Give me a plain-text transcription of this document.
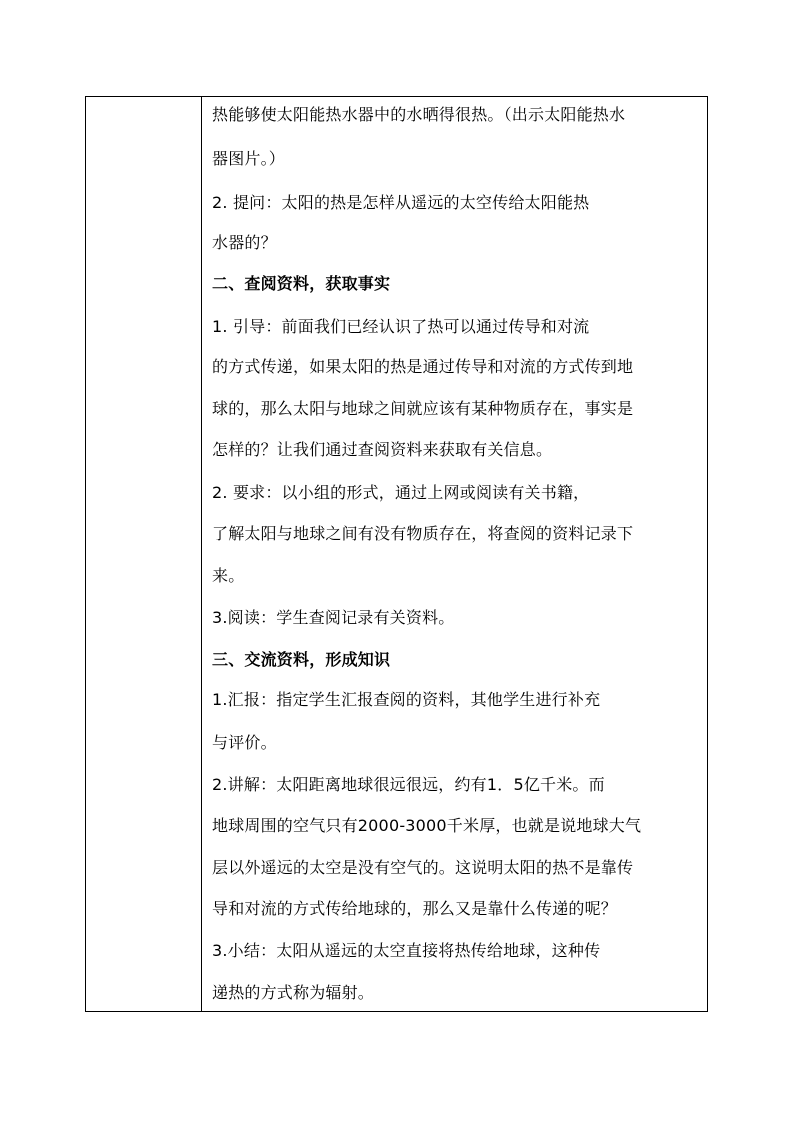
热能够使太阳能热水器中的水晒得很热。（出示太阳能热水
器图片。）
2. 提问：太阳的热是怎样从遥远的太空传给太阳能热
水器的？
二、查阅资料，获取事实
1. 引导：前面我们已经认识了热可以通过传导和对流
的方式传递，如果太阳的热是通过传导和对流的方式传到地
球的，那么太阳与地球之间就应该有某种物质存在，事实是
怎样的？让我们通过查阅资料来获取有关信息。
2. 要求：以小组的形式，通过上网或阅读有关书籍，
了解太阳与地球之间有没有物质存在，将查阅的资料记录下
来。
3.阅读：学生查阅记录有关资料。
三、交流资料，形成知识
1.汇报：指定学生汇报查阅的资料，其他学生进行补充
与评价。
2.讲解：太阳距离地球很远很远，约有1．5亿千米。而
地球周围的空气只有2000-3000千米厚，也就是说地球大气
层以外遥远的太空是没有空气的。这说明太阳的热不是靠传
导和对流的方式传给地球的，那么又是靠什么传递的呢？
3.小结：太阳从遥远的太空直接将热传给地球，这种传
递热的方式称为辐射。
